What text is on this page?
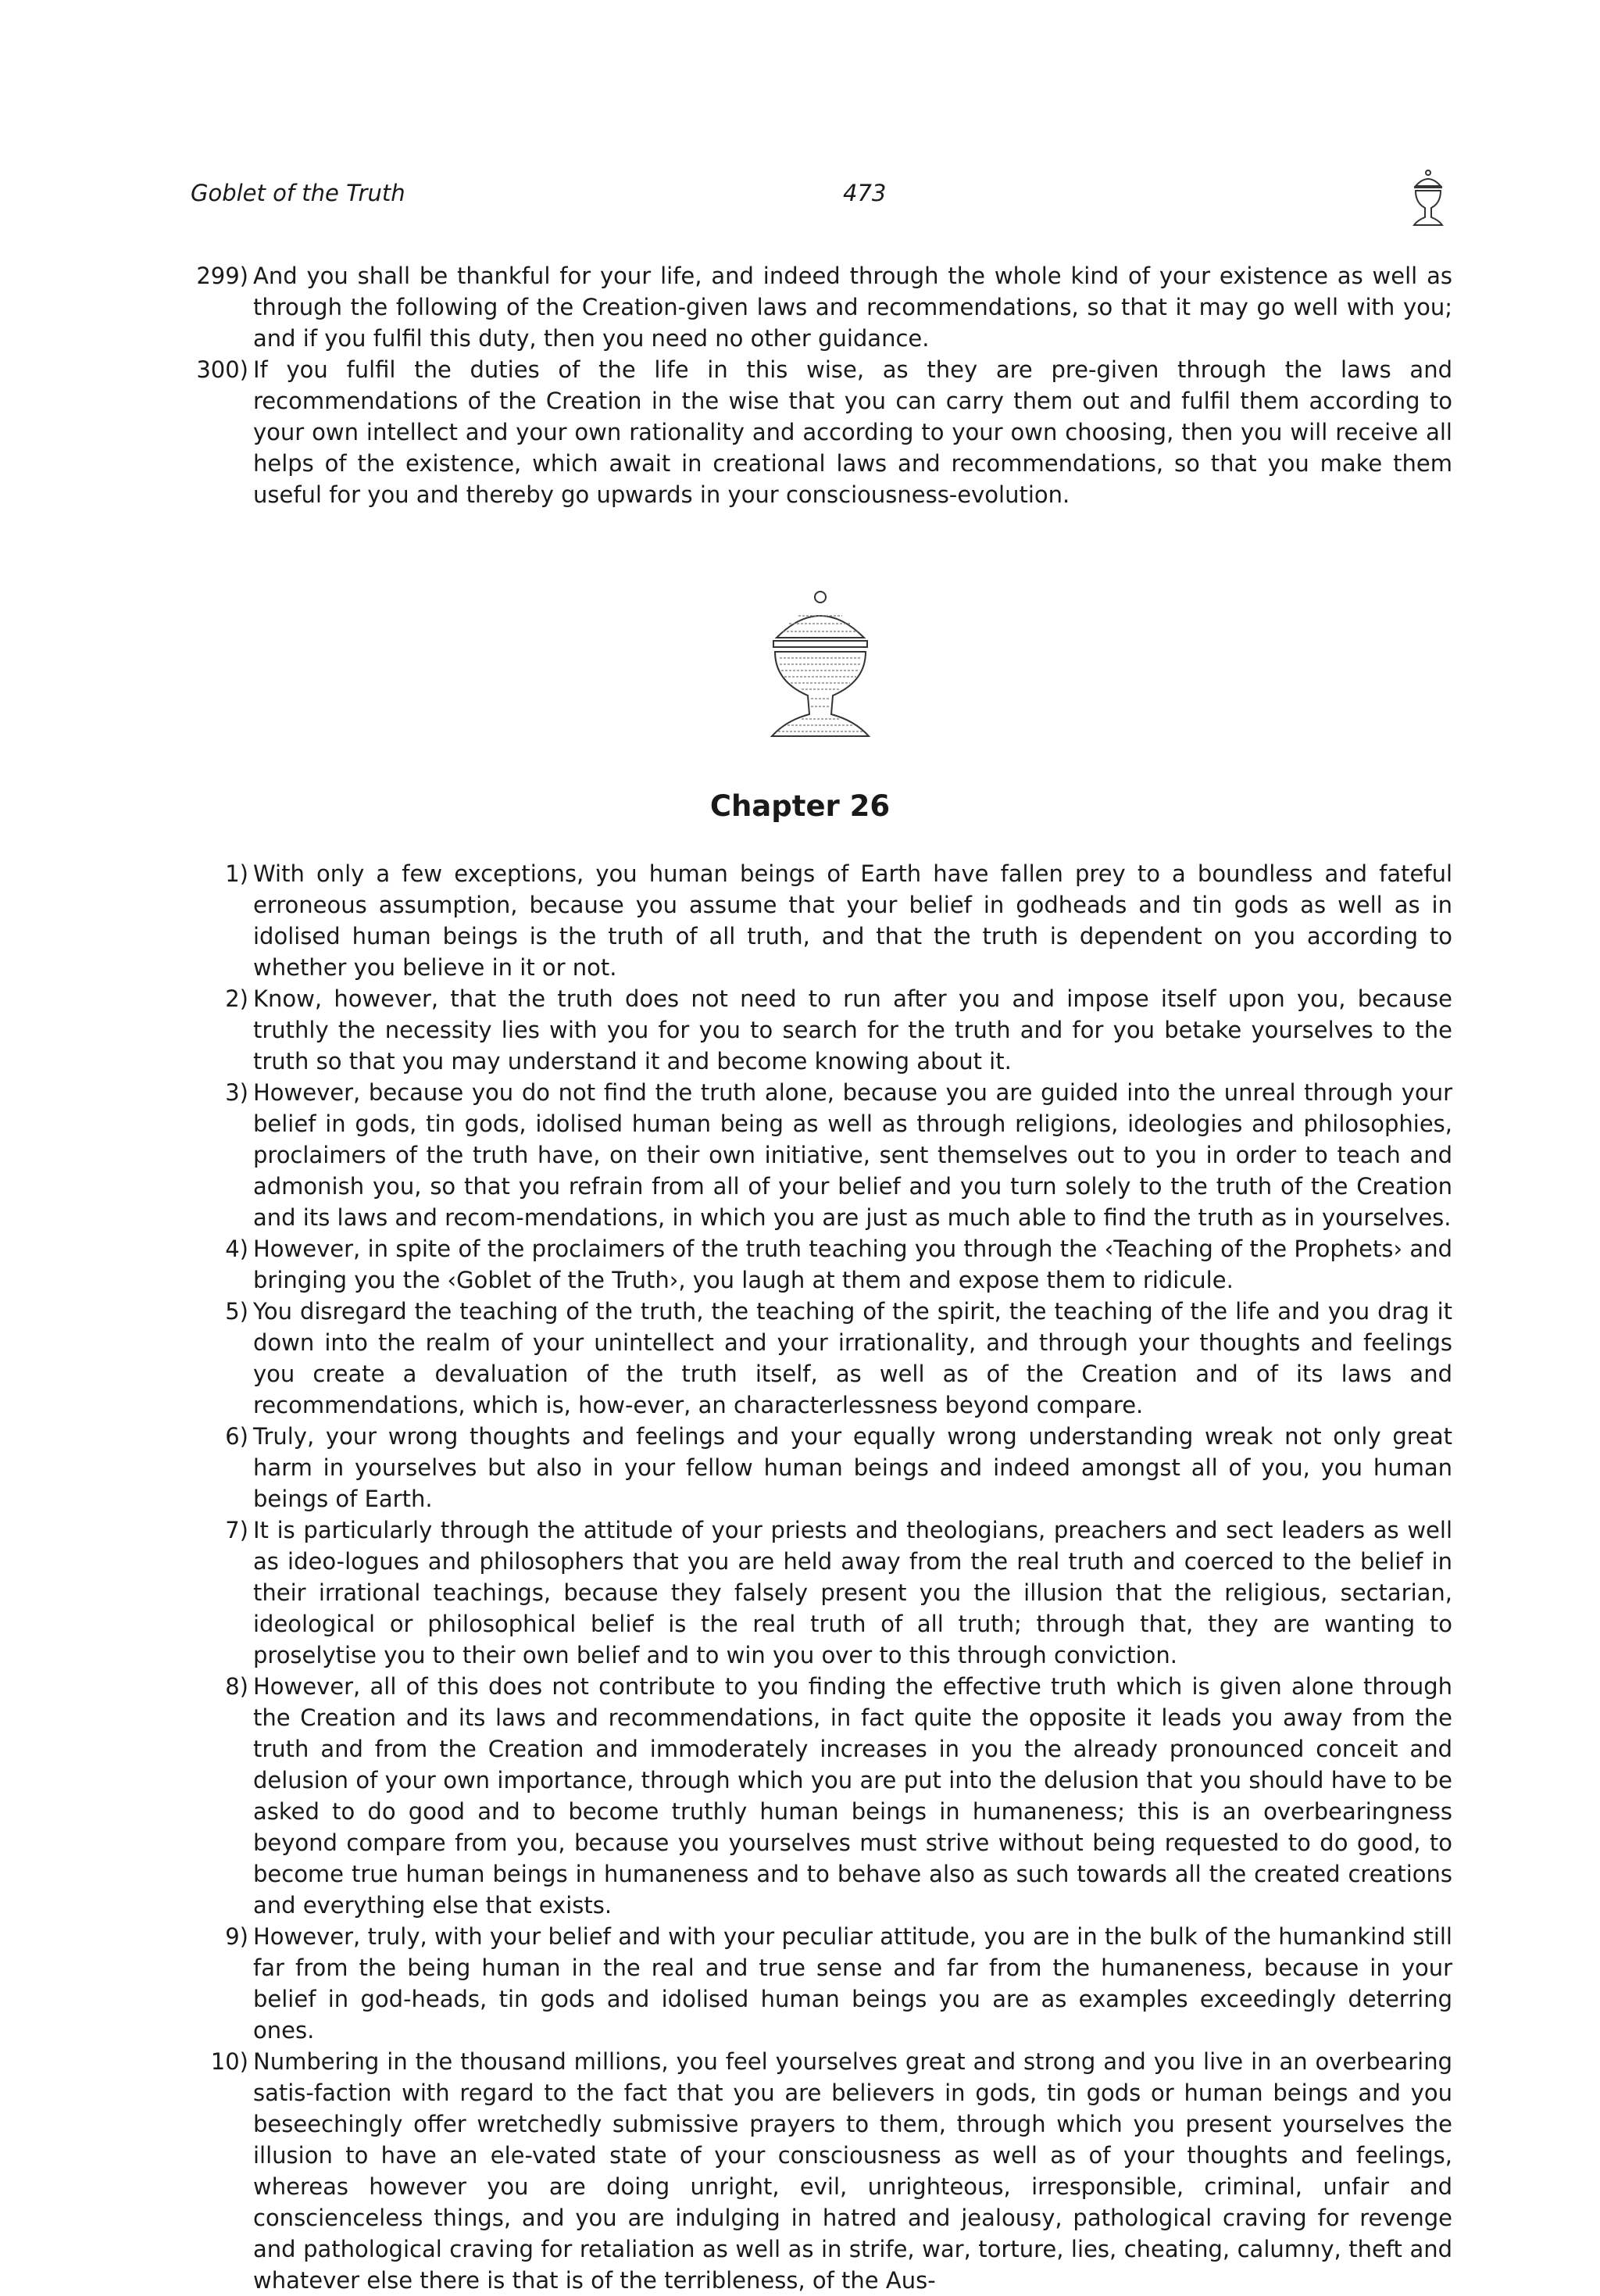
Goblet of the Truth	473
299) And you shall be thankful for your life, and indeed through the whole kind of your existence as well as through the following of the Creation-given laws and recommendations, so that it may go well with you; and if you fulfil this duty, then you need no other guidance.
300) If you fulfil the duties of the life in this wise, as they are pre-given through the laws and recommendations of the Creation in the wise that you can carry them out and fulfil them according to your own intellect and your own rationality and according to your own choosing, then you will receive all helps of the existence, which await in creational laws and recommendations, so that you make them useful for you and thereby go upwards in your consciousness-evolution.
Chapter 26
1) With only a few exceptions, you human beings of Earth have fallen prey to a boundless and fateful erroneous assumption, because you assume that your belief in godheads and tin gods as well as in idolised human beings is the truth of all truth, and that the truth is dependent on you according to whether you believe in it or not.
2) Know, however, that the truth does not need to run after you and impose itself upon you, because truthly the necessity lies with you for you to search for the truth and for you betake yourselves to the truth so that you may understand it and become knowing about it.
3) However, because you do not find the truth alone, because you are guided into the unreal through your belief in gods, tin gods, idolised human being as well as through religions, ideologies and philosophies, proclaimers of the truth have, on their own initiative, sent themselves out to you in order to teach and admonish you, so that you refrain from all of your belief and you turn solely to the truth of the Creation and its laws and recom-mendations, in which you are just as much able to find the truth as in yourselves.
4) However, in spite of the proclaimers of the truth teaching you through the ‹Teaching of the Prophets› and bringing you the ‹Goblet of the Truth›, you laugh at them and expose them to ridicule.
5) You disregard the teaching of the truth, the teaching of the spirit, the teaching of the life and you drag it down into the realm of your unintellect and your irrationality, and through your thoughts and feelings you create a devaluation of the truth itself, as well as of the Creation and of its laws and recommendations, which is, how-ever, an characterlessness beyond compare.
6) Truly, your wrong thoughts and feelings and your equally wrong understanding wreak not only great harm in yourselves but also in your fellow human beings and indeed amongst all of you, you human beings of Earth.
7) It is particularly through the attitude of your priests and theologians, preachers and sect leaders as well as ideo-logues and philosophers that you are held away from the real truth and coerced to the belief in their irrational teachings, because they falsely present you the illusion that the religious, sectarian, ideological or philosophical belief is the real truth of all truth; through that, they are wanting to proselytise you to their own belief and to win you over to this through conviction.
8) However, all of this does not contribute to you finding the effective truth which is given alone through the Creation and its laws and recommendations, in fact quite the opposite it leads you away from the truth and from the Creation and immoderately increases in you the already pronounced conceit and delusion of your own importance, through which you are put into the delusion that you should have to be asked to do good and to become truthly human beings in humaneness; this is an overbearingness beyond compare from you, because you yourselves must strive without being requested to do good, to become true human beings in humaneness and to behave also as such towards all the created creations and everything else that exists.
9) However, truly, with your belief and with your peculiar attitude, you are in the bulk of the humankind still far from the being human in the real and true sense and far from the humaneness, because in your belief in god-heads, tin gods and idolised human beings you are as examples exceedingly deterring ones.
10) Numbering in the thousand millions, you feel yourselves great and strong and you live in an overbearing satis-faction with regard to the fact that you are believers in gods, tin gods or human beings and you beseechingly offer wretchedly submissive prayers to them, through which you present yourselves the illusion to have an ele-vated state of your consciousness as well as of your thoughts and feelings, whereas however you are doing unright, evil, unrighteous, irresponsible, criminal, unfair and conscienceless things, and you are indulging in hatred and jealousy, pathological craving for revenge and pathological craving for retaliation as well as in strife, war, torture, lies, cheating, calumny, theft and whatever else there is that is of the terribleness, of the Aus-
